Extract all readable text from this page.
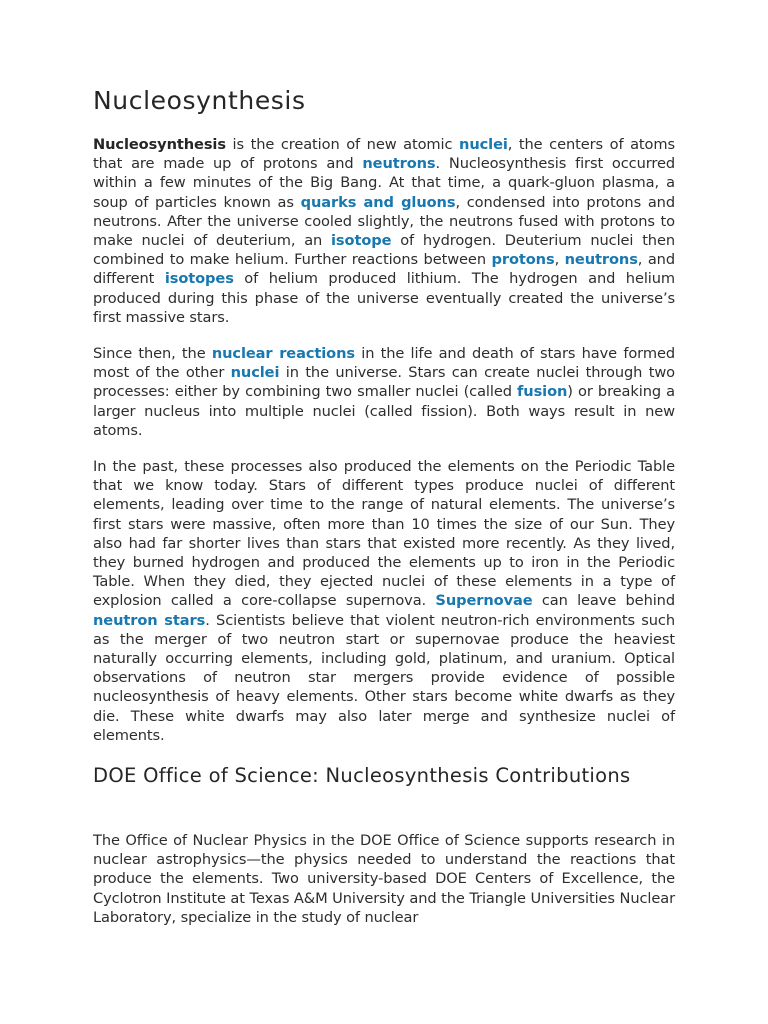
Nucleosynthesis

Nucleosynthesis is the creation of new atomic nuclei, the centers of atoms that are made up of protons and neutrons. Nucleosynthesis first occurred within a few minutes of the Big Bang. At that time, a quark-gluon plasma, a soup of particles known as quarks and gluons, condensed into protons and neutrons. After the universe cooled slightly, the neutrons fused with protons to make nuclei of deuterium, an isotope of hydrogen. Deuterium nuclei then combined to make helium. Further reactions between protons, neutrons, and different isotopes of helium produced lithium. The hydrogen and helium produced during this phase of the universe eventually created the universe’s first massive stars.

Since then, the nuclear reactions in the life and death of stars have formed most of the other nuclei in the universe. Stars can create nuclei through two processes: either by combining two smaller nuclei (called fusion) or breaking a larger nucleus into multiple nuclei (called fission). Both ways result in new atoms.

In the past, these processes also produced the elements on the Periodic Table that we know today. Stars of different types produce nuclei of different elements, leading over time to the range of natural elements. The universe’s first stars were massive, often more than 10 times the size of our Sun. They also had far shorter lives than stars that existed more recently. As they lived, they burned hydrogen and produced the elements up to iron in the Periodic Table. When they died, they ejected nuclei of these elements in a type of explosion called a core-collapse supernova. Supernovae can leave behind neutron stars. Scientists believe that violent neutron-rich environments such as the merger of two neutron start or supernovae produce the heaviest naturally occurring elements, including gold, platinum, and uranium. Optical observations of neutron star mergers provide evidence of possible nucleosynthesis of heavy elements. Other stars become white dwarfs as they die. These white dwarfs may also later merge and synthesize nuclei of elements.

DOE Office of Science: Nucleosynthesis Contributions

The Office of Nuclear Physics in the DOE Office of Science supports research in nuclear astrophysics—the physics needed to understand the reactions that produce the elements. Two university-based DOE Centers of Excellence, the Cyclotron Institute at Texas A&M University and the Triangle Universities Nuclear Laboratory, specialize in the study of nuclear
